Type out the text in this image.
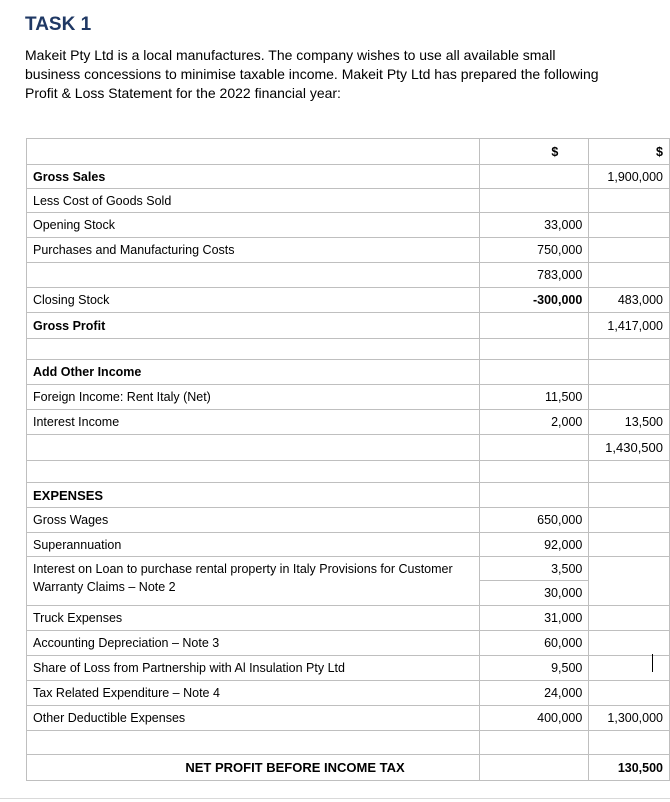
TASK 1
Makeit Pty Ltd is a local manufactures. The company wishes to use all available small business concessions to minimise taxable income. Makeit Pty Ltd has prepared the following Profit & Loss Statement for the 2022 financial year:
	$	$
Gross Sales		1,900,000
Less Cost of Goods Sold		
Opening Stock	33,000	
Purchases and Manufacturing Costs	750,000	
	783,000	
Closing Stock	-300,000	483,000
Gross Profit		1,417,000

Add Other Income		
Foreign Income: Rent Italy (Net)	11,500	
Interest Income	2,000	13,500
		1,430,500

EXPENSES		
Gross Wages	650,000	
Superannuation	92,000	
Interest on Loan to purchase rental property in Italy Provisions for Customer Warranty Claims – Note 2	3,500	
	30,000	
Truck Expenses	31,000	
Accounting Depreciation – Note 3	60,000	
Share of Loss from Partnership with Al Insulation Pty Ltd	9,500	
Tax Related Expenditure – Note 4	24,000	
Other Deductible Expenses	400,000	1,300,000

NET PROFIT BEFORE INCOME TAX		130,500
